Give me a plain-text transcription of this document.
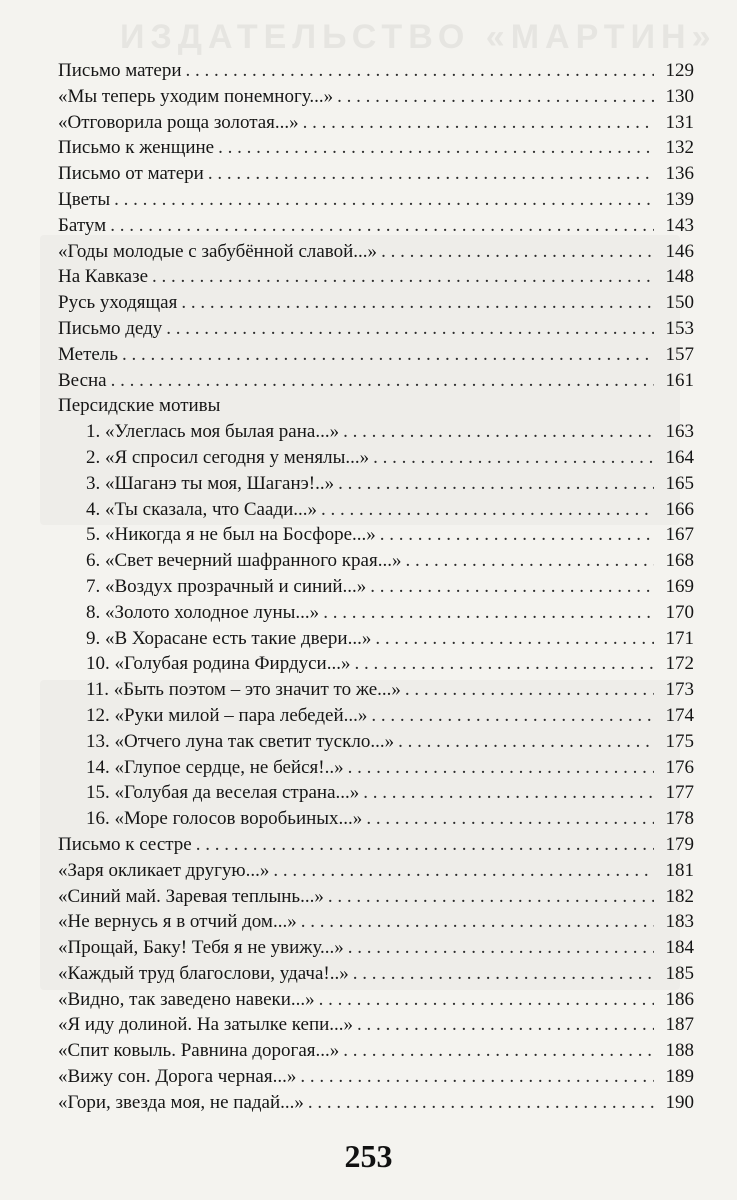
ИЗДАТЕЛЬСТВО «МАРТИН»
Письмо матери . . .	129
«Мы теперь уходим понемногу...» . . .	130
«Отговорила роща золотая...» . . .	131
Письмо к женщине . . .	132
Письмо от матери . . .	136
Цветы . . .	139
Батум . . .	143
«Годы молодые с забубённой славой...» . . .	146
На Кавказе . . .	148
Русь уходящая . . .	150
Письмо деду . . .	153
Метель . . .	157
Весна . . .	161
Персидские мотивы
1. «Улеглась моя былая рана...» . . .	163
2. «Я спросил сегодня у менялы...» . . .	164
3. «Шаганэ ты моя, Шаганэ!..» . . .	165
4. «Ты сказала, что Саади...» . . .	166
5. «Никогда я не был на Босфоре...» . . .	167
6. «Свет вечерний шафранного края...» . . .	168
7. «Воздух прозрачный и синий...» . . .	169
8. «Золото холодное луны...» . . .	170
9. «В Хорасане есть такие двери...» . . .	171
10. «Голубая родина Фирдуси...» . . .	172
11. «Быть поэтом – это значит то же...» . . .	173
12. «Руки милой – пара лебедей...» . . .	174
13. «Отчего луна так светит тускло...» . . .	175
14. «Глупое сердце, не бейся!..» . . .	176
15. «Голубая да веселая страна...» . . .	177
16. «Море голосов воробьиных...» . . .	178
Письмо к сестре . . .	179
«Заря окликает другую...» . . .	181
«Синий май. Заревая теплынь...» . . .	182
«Не вернусь я в отчий дом...» . . .	183
«Прощай, Баку! Тебя я не увижу...» . . .	184
«Каждый труд благослови, удача!..» . . .	185
«Видно, так заведено навеки...» . . .	186
«Я иду долиной. На затылке кепи...» . . .	187
«Спит ковыль. Равнина дорогая...» . . .	188
«Вижу сон. Дорога черная...» . . .	189
«Гори, звезда моя, не падай...» . . .	190
253
